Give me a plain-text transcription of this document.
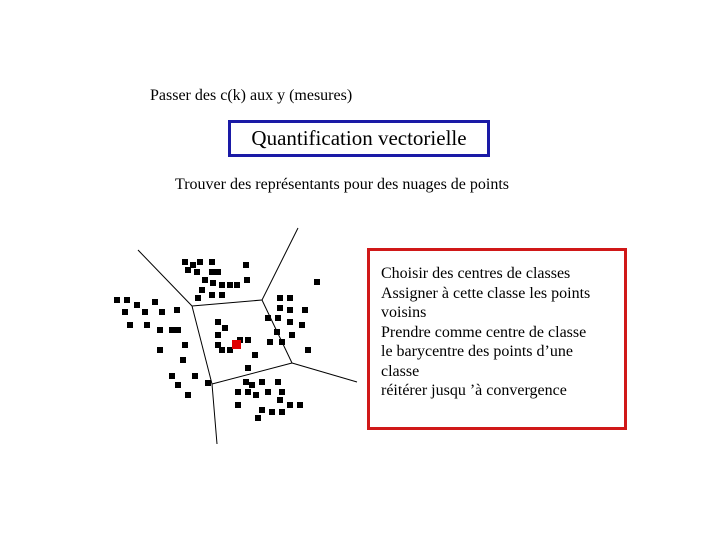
Passer des c(k) aux y (mesures)
Quantification vectorielle
Trouver des représentants pour des nuages de points
Choisir des centres de classes
Assigner à cette classe les points
voisins
Prendre comme centre de classe
le barycentre des points d’une
classe
réitérer jusqu ’à convergence
